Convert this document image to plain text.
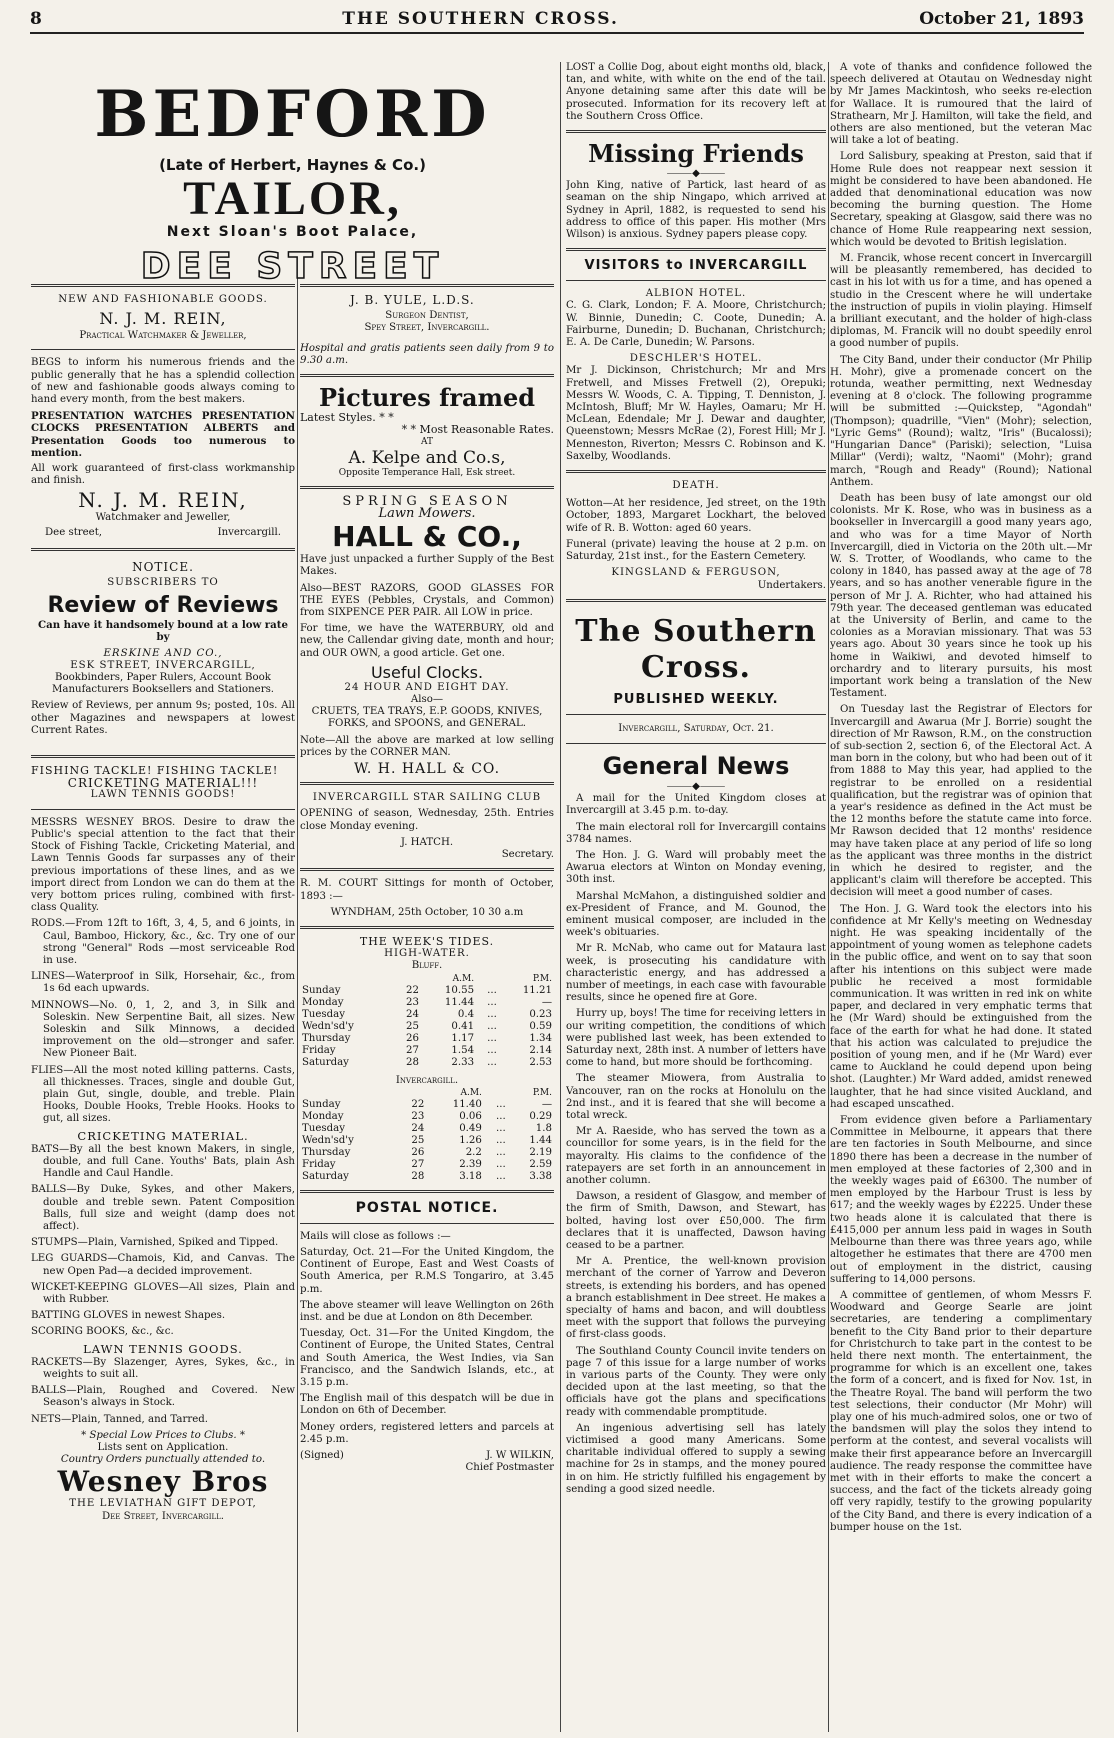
8	THE SOUTHERN CROSS.	October 21, 1893
BEDFORD
(Late of Herbert, Haynes & Co.)
TAILOR,
Next Sloan's Boot Palace,
DEE STREET
NEW AND FASHIONABLE GOODS.
N. J. M. REIN,
Practical Watchmaker & Jeweller,

BEGS to inform his numerous friends and the public generally that he has a splendid collection of new and fashionable goods always coming to hand every month, from the best makers.

PRESENTATION WATCHES PRESENTATION CLOCKS PRESENTATION ALBERTS and Presentation Goods too numerous to mention.

All work guaranteed of first-class workmanship and finish.

N. J. M. REIN,
Watchmaker and Jeweller,
Dee street,	Invercargill.
NOTICE.
SUBSCRIBERS TO
Review of Reviews

Can have it handsomely bound at a low rate by

ERSKINE AND CO.,
ESK STREET, INVERCARGILL,

Bookbinders, Paper Rulers, Account Book Manufacturers Booksellers and Stationers.

Review of Reviews, per annum 9s; posted, 10s. All other Magazines and newspapers at lowest Current Rates.

FISHING TACKLE! FISHING TACKLE!
CRICKETING MATERIAL!!!
LAWN TENNIS GOODS!

MESSRS WESNEY BROS. Desire to draw the Public's special attention to the fact that their Stock of Fishing Tackle, Cricketing Material, and Lawn Tennis Goods far surpasses any of their previous importations of these lines, and as we import direct from London we can do them at the very bottom prices ruling, combined with first-class Quality.

RODS.—From 12ft to 16ft, 3, 4, 5, and 6 joints, in Caul, Bamboo, Hickory, &c., &c. Try one of our strong "General" Rods —most serviceable Rod in use.

LINES—Waterproof in Silk, Horsehair, &c., from 1s 6d each upwards.

MINNOWS—No. 0, 1, 2, and 3, in Silk and Soleskin. New Serpentine Bait, all sizes. New Soleskin and Silk Minnows, a decided improvement on the old—stronger and safer. New Pioneer Bait.

FLIES—All the most noted killing patterns. Casts, all thicknesses. Traces, single and double Gut, plain Gut, single, double, and treble. Plain Hooks, Double Hooks, Treble Hooks. Hooks to gut, all sizes.

CRICKETING MATERIAL.

BATS—By all the best known Makers, in single, double, and full Cane. Youths' Bats, plain Ash Handle and Caul Handle.

BALLS—By Duke, Sykes, and other Makers, double and treble sewn. Patent Composition Balls, full size and weight (damp does not affect).

STUMPS—Plain, Varnished, Spiked and Tipped.

LEG GUARDS—Chamois, Kid, and Canvas. The new Open Pad—a decided improvement.

WICKET-KEEPING GLOVES—All sizes, Plain and with Rubber.

BATTING GLOVES in newest Shapes.

SCORING BOOKS, &c., &c.

LAWN TENNIS GOODS.

RACKETS—By Slazenger, Ayres, Sykes, &c., in weights to suit all.

BALLS—Plain, Roughed and Covered. New Season's always in Stock.

NETS—Plain, Tanned, and Tarred.

* Special Low Prices to Clubs. *
Lists sent on Application.
Country Orders punctually attended to.
Wesney Bros
THE LEVIATHAN GIFT DEPOT,
Dee Street, Invercargill.
J. B. YULE, L.D.S.
Surgeon Dentist,
Spey Street, Invercargill.

Hospital and gratis patients seen daily from 9 to 9.30 a.m.

Pictures framed
Latest Styles. * *
* * Most Reasonable Rates.
AT
A. Kelpe and Co.s,
Opposite Temperance Hall, Esk street.
SPRING SEASON
Lawn Mowers.
HALL & CO.,

Have just unpacked a further Supply of the Best Makes.

Also—BEST RAZORS, GOOD GLASSES FOR THE EYES (Pebbles, Crystals, and Common) from SIXPENCE PER PAIR. All LOW in price.

For time, we have the WATERBURY, old and new, the Callendar giving date, month and hour; and OUR OWN, a good article. Get one.

Useful Clocks.
24 HOUR AND EIGHT DAY.
Also—

CRUETS, TEA TRAYS, E.P. GOODS, KNIVES, FORKS, and SPOONS, and GENERAL.

Note—All the above are marked at low selling prices by the CORNER MAN.

W. H. HALL & CO.
INVERCARGILL STAR SAILING CLUB

OPENING of season, Wednesday, 25th. Entries close Monday evening.

J. HATCH.
Secretary.

R. M. COURT Sittings for month of October, 1893 :—

WYNDHAM, 25th October, 10 30 a.m
THE WEEK'S TIDES.
HIGH-WATER.
Bluff.
		A.M.		P.M.
Sunday	22	10.55	...	11.21
Monday	23	11.44	...	—
Tuesday	24	0.4	...	0.23
Wedn'sd'y	25	0.41	...	0.59
Thursday	26	1.17	...	1.34
Friday	27	1.54	...	2.14
Saturday	28	2.33	...	2.53
Invercargill.
		A.M.		P.M.
Sunday	22	11.40	...	—
Monday	23	0.06	...	0.29
Tuesday	24	0.49	...	1.8
Wedn'sd'y	25	1.26	...	1.44
Thursday	26	2.2	...	2.19
Friday	27	2.39	...	2.59
Saturday	28	3.18	...	3.38
POSTAL NOTICE.

Mails will close as follows :—

Saturday, Oct. 21—For the United Kingdom, the Continent of Europe, East and West Coasts of South America, per R.M.S Tongariro, at 3.45 p.m.

The above steamer will leave Wellington on 26th inst. and be due at London on 8th December.

Tuesday, Oct. 31—For the United Kingdom, the Continent of Europe, the United States, Central and South America, the West Indies, via San Francisco, and the Sandwich Islands, etc., at 3.15 p.m.

The English mail of this despatch will be due in London on 6th of December.

Money orders, registered letters and parcels at 2.45 p.m.

(Signed)	J. W WILKIN,
Chief Postmaster

LOST a Collie Dog, about eight months old, black, tan, and white, with white on the end of the tail. Anyone detaining same after this date will be prosecuted. Information for its recovery left at the Southern Cross Office.

Missing Friends
⸻◆⸻

John King, native of Partick, last heard of as seaman on the ship Ningapo, which arrived at Sydney in April, 1882, is requested to send his address to office of this paper. His mother (Mrs Wilson) is anxious. Sydney papers please copy.

VISITORS to INVERCARGILL
ALBION HOTEL.

C. G. Clark, London; F. A. Moore, Christchurch; W. Binnie, Dunedin; C. Coote, Dunedin; A. Fairburne, Dunedin; D. Buchanan, Christchurch; E. A. De Carle, Dunedin; W. Parsons.

DESCHLER'S HOTEL.

Mr J. Dickinson, Christchurch; Mr and Mrs Fretwell, and Misses Fretwell (2), Orepuki; Messrs W. Woods, C. A. Tipping, T. Denniston, J. McIntosh, Bluff; Mr W. Hayles, Oamaru; Mr H. McLean, Edendale; Mr J. Dewar and daughter, Queenstown; Messrs McRae (2), Forest Hill; Mr J. Menneston, Riverton; Messrs C. Robinson and K. Saxelby, Woodlands.

DEATH.

Wotton—At her residence, Jed street, on the 19th October, 1893, Margaret Lockhart, the beloved wife of R. B. Wotton: aged 60 years.

Funeral (private) leaving the house at 2 p.m. on Saturday, 21st inst., for the Eastern Cemetery.

KINGSLAND & FERGUSON,
Undertakers.
The Southern Cross.
PUBLISHED WEEKLY.
Invercargill, Saturday, Oct. 21.
General News
⸻◆⸻

A mail for the United Kingdom closes at Invercargill at 3.45 p.m. to-day.

The main electoral roll for Invercargill contains 3784 names.

The Hon. J. G. Ward will probably meet the Awarua electors at Winton on Monday evening, 30th inst.

Marshal McMahon, a distinguished soldier and ex-President of France, and M. Gounod, the eminent musical composer, are included in the week's obituaries.

Mr R. McNab, who came out for Mataura last week, is prosecuting his candidature with characteristic energy, and has addressed a number of meetings, in each case with favourable results, since he opened fire at Gore.

Hurry up, boys! The time for receiving letters in our writing competition, the conditions of which were published last week, has been extended to Saturday next, 28th inst. A number of letters have come to hand, but more should be forthcoming.

The steamer Miowera, from Australia to Vancouver, ran on the rocks at Honolulu on the 2nd inst., and it is feared that she will become a total wreck.

Mr A. Raeside, who has served the town as a councillor for some years, is in the field for the mayoralty. His claims to the confidence of the ratepayers are set forth in an announcement in another column.

Dawson, a resident of Glasgow, and member of the firm of Smith, Dawson, and Stewart, has bolted, having lost over £50,000. The firm declares that it is unaffected, Dawson having ceased to be a partner.

Mr A. Prentice, the well-known provision merchant of the corner of Yarrow and Deveron streets, is extending his borders, and has opened a branch establishment in Dee street. He makes a specialty of hams and bacon, and will doubtless meet with the support that follows the purveying of first-class goods.

The Southland County Council invite tenders on page 7 of this issue for a large number of works in various parts of the County. They were only decided upon at the last meeting, so that the officials have got the plans and specifications ready with commendable promptitude.

An ingenious advertising sell has lately victimised a good many Americans. Some charitable individual offered to supply a sewing machine for 2s in stamps, and the money poured in on him. He strictly fulfilled his engagement by sending a good sized needle.

A vote of thanks and confidence followed the speech delivered at Otautau on Wednesday night by Mr James Mackintosh, who seeks re-election for Wallace. It is rumoured that the laird of Strathearn, Mr J. Hamilton, will take the field, and others are also mentioned, but the veteran Mac will take a lot of beating.

Lord Salisbury, speaking at Preston, said that if Home Rule does not reappear next session it might be considered to have been abandoned. He added that denominational education was now becoming the burning question. The Home Secretary, speaking at Glasgow, said there was no chance of Home Rule reappearing next session, which would be devoted to British legislation.

M. Francik, whose recent concert in Invercargill will be pleasantly remembered, has decided to cast in his lot with us for a time, and has opened a studio in the Crescent where he will undertake the instruction of pupils in violin playing. Himself a brilliant executant, and the holder of high-class diplomas, M. Francik will no doubt speedily enrol a good number of pupils.

The City Band, under their conductor (Mr Philip H. Mohr), give a promenade concert on the rotunda, weather permitting, next Wednesday evening at 8 o'clock. The following programme will be submitted :—Quickstep, "Agondah" (Thompson); quadrille, "Vien" (Mohr); selection, "Lyric Gems" (Round); waltz, "Iris" (Bucalossi); "Hungarian Dance" (Pariski); selection, "Luisa Millar" (Verdi); waltz, "Naomi" (Mohr); grand march, "Rough and Ready" (Round); National Anthem.

Death has been busy of late amongst our old colonists. Mr K. Rose, who was in business as a bookseller in Invercargill a good many years ago, and who was for a time Mayor of North Invercargill, died in Victoria on the 20th ult.—Mr W. S. Trotter, of Woodlands, who came to the colony in 1840, has passed away at the age of 78 years, and so has another venerable figure in the person of Mr J. A. Richter, who had attained his 79th year. The deceased gentleman was educated at the University of Berlin, and came to the colonies as a Moravian missionary. That was 53 years ago. About 30 years since he took up his home in Waikiwi, and devoted himself to orchardry and to literary pursuits, his most important work being a translation of the New Testament.

On Tuesday last the Registrar of Electors for Invercargill and Awarua (Mr J. Borrie) sought the direction of Mr Rawson, R.M., on the construction of sub-section 2, section 6, of the Electoral Act. A man born in the colony, but who had been out of it from 1888 to May this year, had applied to the registrar to be enrolled on a residential qualification, but the registrar was of opinion that a year's residence as defined in the Act must be the 12 months before the statute came into force. Mr Rawson decided that 12 months' residence may have taken place at any period of life so long as the applicant was three months in the district in which he desired to register, and the applicant's claim will therefore be accepted. This decision will meet a good number of cases.

The Hon. J. G. Ward took the electors into his confidence at Mr Kelly's meeting on Wednesday night. He was speaking incidentally of the appointment of young women as telephone cadets in the public office, and went on to say that soon after his intentions on this subject were made public he received a most formidable communication. It was written in red ink on white paper, and declared in very emphatic terms that he (Mr Ward) should be extinguished from the face of the earth for what he had done. It stated that his action was calculated to prejudice the position of young men, and if he (Mr Ward) ever came to Auckland he could depend upon being shot. (Laughter.) Mr Ward added, amidst renewed laughter, that he had since visited Auckland, and had escaped unscathed.

From evidence given before a Parliamentary Committee in Melbourne, it appears that there are ten factories in South Melbourne, and since 1890 there has been a decrease in the number of men employed at these factories of 2,300 and in the weekly wages paid of £6300. The number of men employed by the Harbour Trust is less by 617; and the weekly wages by £2225. Under these two heads alone it is calculated that there is £415,000 per annum less paid in wages in South Melbourne than there was three years ago, while altogether he estimates that there are 4700 men out of employment in the district, causing suffering to 14,000 persons.

A committee of gentlemen, of whom Messrs F. Woodward and George Searle are joint secretaries, are tendering a complimentary benefit to the City Band prior to their departure for Christchurch to take part in the contest to be held there next month. The entertainment, the programme for which is an excellent one, takes the form of a concert, and is fixed for Nov. 1st, in the Theatre Royal. The band will perform the two test selections, their conductor (Mr Mohr) will play one of his much-admired solos, one or two of the bandsmen will play the solos they intend to perform at the contest, and several vocalists will make their first appearance before an Invercargill audience. The ready response the committee have met with in their efforts to make the concert a success, and the fact of the tickets already going off very rapidly, testify to the growing popularity of the City Band, and there is every indication of a bumper house on the 1st.
